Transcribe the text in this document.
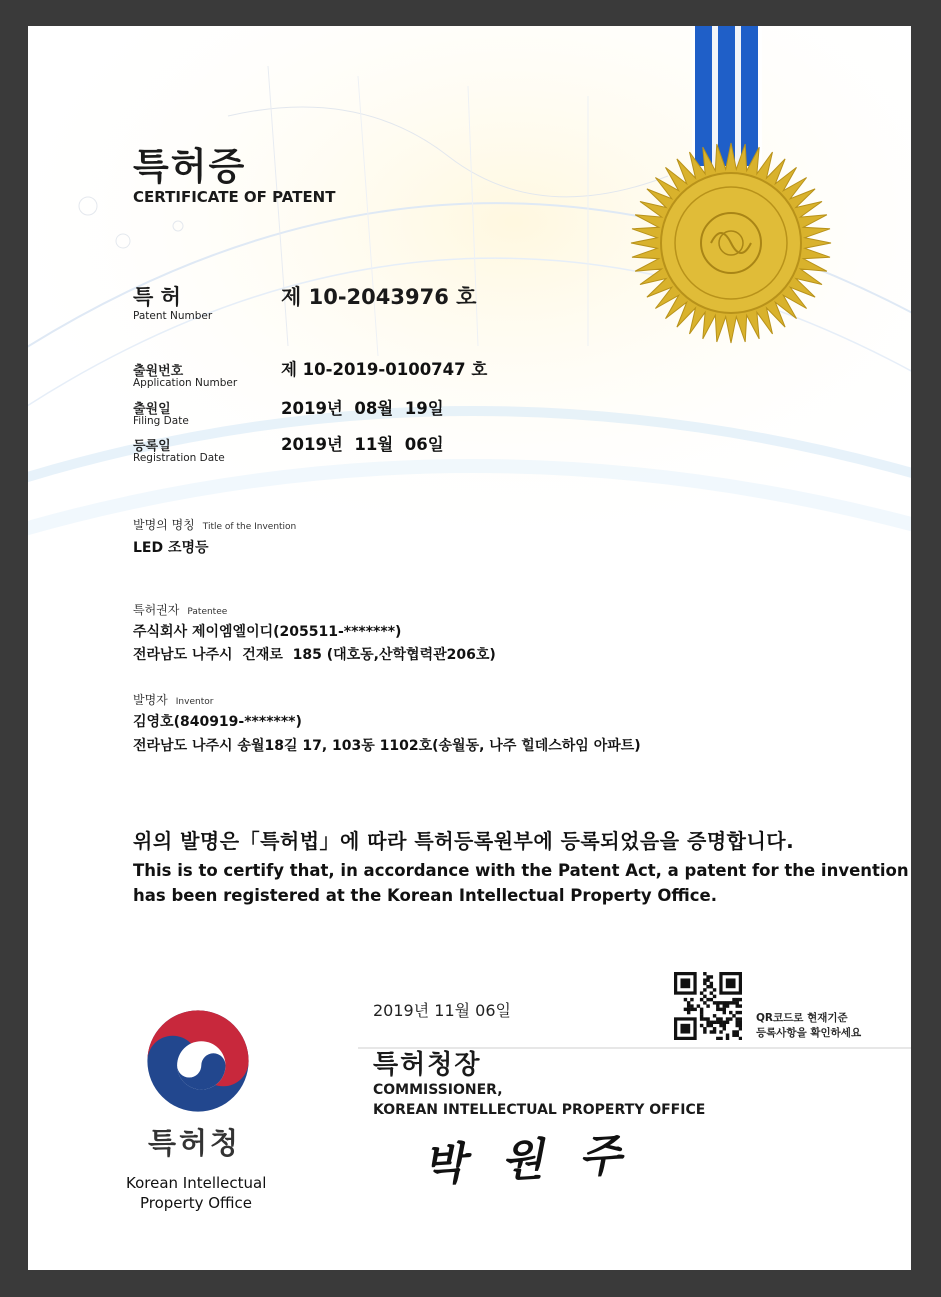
특허증
CERTIFICATE OF PATENT
특 허
Patent Number
제 10-2043976 호
출원번호
Application Number
제 10-2019-0100747 호
출원일
Filing Date
2019년  08월  19일
등록일
Registration Date
2019년  11월  06일
발명의 명칭 Title of the Invention
LED 조명등
특허권자 Patentee
주식회사 제이엠엘이디(205511-*******)
전라남도 나주시  건재로  185 (대호동,산학협력관206호)
발명자 Inventor
김영호(840919-*******)
전라남도 나주시 송월18길 17, 103동 1102호(송월동, 나주 힐데스하임 아파트)
위의 발명은「특허법」에 따라 특허등록원부에 등록되었음을 증명합니다.
This is to certify that, in accordance with the Patent Act, a patent for the invention
has been registered at the Korean Intellectual Property Office.
2019년 11월 06일	QR코드로 현재기준
등록사항을 확인하세요
특허청장
COMMISSIONER,
KOREAN INTELLECTUAL PROPERTY OFFICE
박 원 주
특허청
Korean Intellectual
Property Office
